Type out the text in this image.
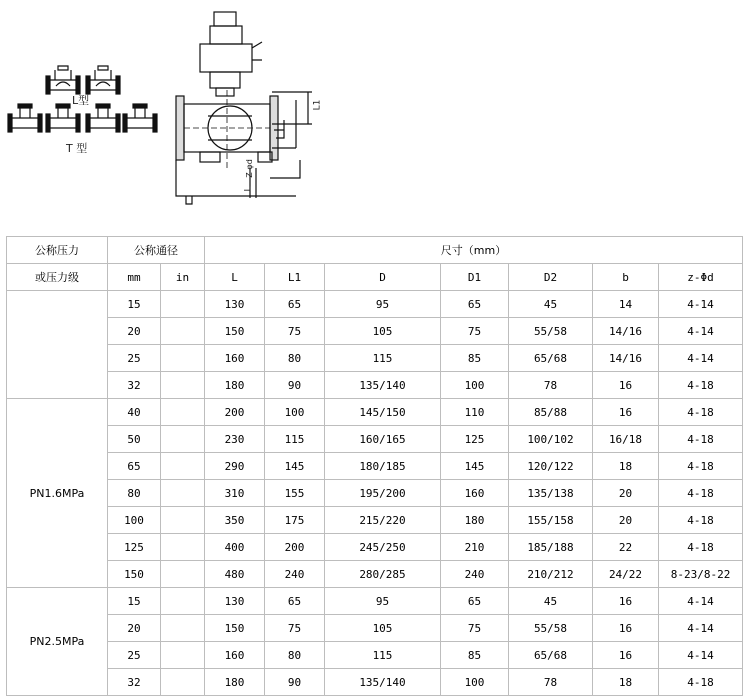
L型
T 型
L1
L
Z-φd
公称压力	公称通径		尺寸（mm）						
或压力级	mm	in	L	L1	D	D1	D2	b	z-Φd
	15		130	65	95	65	45	14	4-14
	20		150	75	105	75	55/58	14/16	4-14
	25		160	80	115	85	65/68	14/16	4-14
	32		180	90	135/140	100	78	16	4-18
PN1.6MPa	40		200	100	145/150	110	85/88	16	4-18
	50		230	115	160/165	125	100/102	16/18	4-18
	65		290	145	180/185	145	120/122	18	4-18
	80		310	155	195/200	160	135/138	20	4-18
	100		350	175	215/220	180	155/158	20	4-18
	125		400	200	245/250	210	185/188	22	4-18
	150		480	240	280/285	240	210/212	24/22	8-23/8-22
PN2.5MPa	15		130	65	95	65	45	16	4-14
	20		150	75	105	75	55/58	16	4-14
	25		160	80	115	85	65/68	16	4-14
	32		180	90	135/140	100	78	18	4-18
